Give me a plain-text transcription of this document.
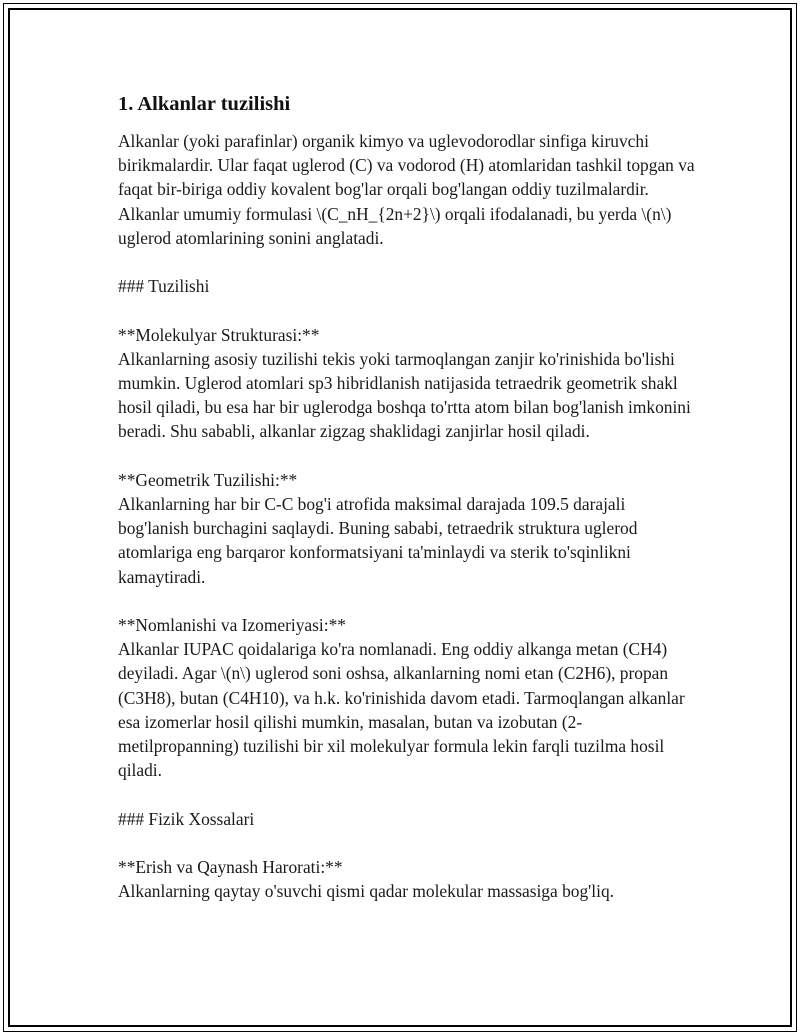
1. Alkanlar tuzilishi

Alkanlar (yoki parafinlar) organik kimyo va uglevodorodlar sinfiga kiruvchi birikmalardir. Ular faqat uglerod (C) va vodorod (H) atomlaridan tashkil topgan va faqat bir-biriga oddiy kovalent bog'lar orqali bog'langan oddiy tuzilmalardir. Alkanlar umumiy formulasi \(C_nH_{2n+2}\) orqali ifodalanadi, bu yerda \(n\) uglerod atomlarining sonini anglatadi.

### Tuzilishi

**Molekulyar Strukturasi:**

Alkanlarning asosiy tuzilishi tekis yoki tarmoqlangan zanjir ko'rinishida bo'lishi mumkin. Uglerod atomlari sp3 hibridlanish natijasida tetraedrik geometrik shakl hosil qiladi, bu esa har bir uglerodga boshqa to'rtta atom bilan bog'lanish imkonini beradi. Shu sababli, alkanlar zigzag shaklidagi zanjirlar hosil qiladi.

**Geometrik Tuzilishi:**

Alkanlarning har bir C-C bog'i atrofida maksimal darajada 109.5 darajali bog'lanish burchagini saqlaydi. Buning sababi, tetraedrik struktura uglerod atomlariga eng barqaror konformatsiyani ta'minlaydi va sterik to'sqinlikni kamaytiradi.

**Nomlanishi va Izomeriyasi:**

Alkanlar IUPAC qoidalariga ko'ra nomlanadi. Eng oddiy alkanga metan (CH4) deyiladi. Agar \(n\) uglerod soni oshsa, alkanlarning nomi etan (C2H6), propan (C3H8), butan (C4H10), va h.k. ko'rinishida davom etadi. Tarmoqlangan alkanlar esa izomerlar hosil qilishi mumkin, masalan, butan va izobutan (2-metilpropanning) tuzilishi bir xil molekulyar formula lekin farqli tuzilma hosil qiladi.

### Fizik Xossalari

**Erish va Qaynash Harorati:**

Alkanlarning qaytay o'suvchi qismi qadar molekular massasiga bog'liq.
